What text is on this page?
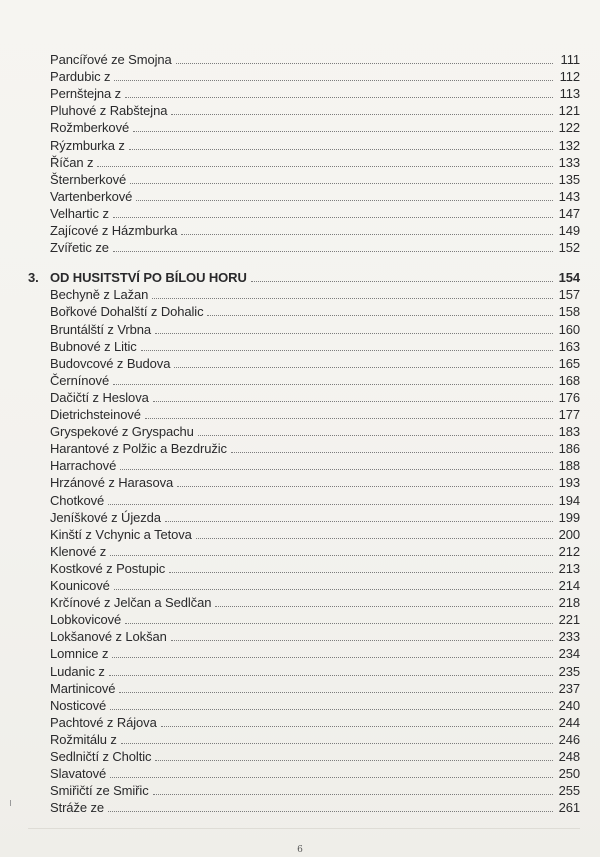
Pancířové ze Smojna	111
Pardubic z	112
Pernštejna z	113
Pluhové z Rabštejna	121
Rožmberkové	122
Rýzmburka z	132
Říčan z	133
Šternberkové	135
Vartenberkové	143
Velhartic z	147
Zajícové z Házmburka	149
Zvířetic ze	152
3. OD HUSITSTVÍ PO BÍLOU HORU	154
Bechyně z Lažan	157
Bořkové Dohalští z Dohalic	158
Bruntálští z Vrbna	160
Bubnové z Litic	163
Budovcové z Budova	165
Černínové	168
Dačičtí z Heslova	176
Dietrichsteinové	177
Gryspekové z Gryspachu	183
Harantové z Polžic a Bezdružic	186
Harrachové	188
Hrzánové z Harasova	193
Chotkové	194
Jeníškové z Újezda	199
Kinští z Vchynic a Tetova	200
Klenové z	212
Kostkové z Postupic	213
Kounicové	214
Krčínové z Jelčan a Sedlčan	218
Lobkovicové	221
Lokšanové z Lokšan	233
Lomnice z	234
Ludanic z	235
Martinicové	237
Nosticové	240
Pachtové z Rájova	244
Rožmitálu z	246
Sedlničtí z Choltic	248
Slavatové	250
Smiřičtí ze Smiřic	255
Stráže ze	261
6
